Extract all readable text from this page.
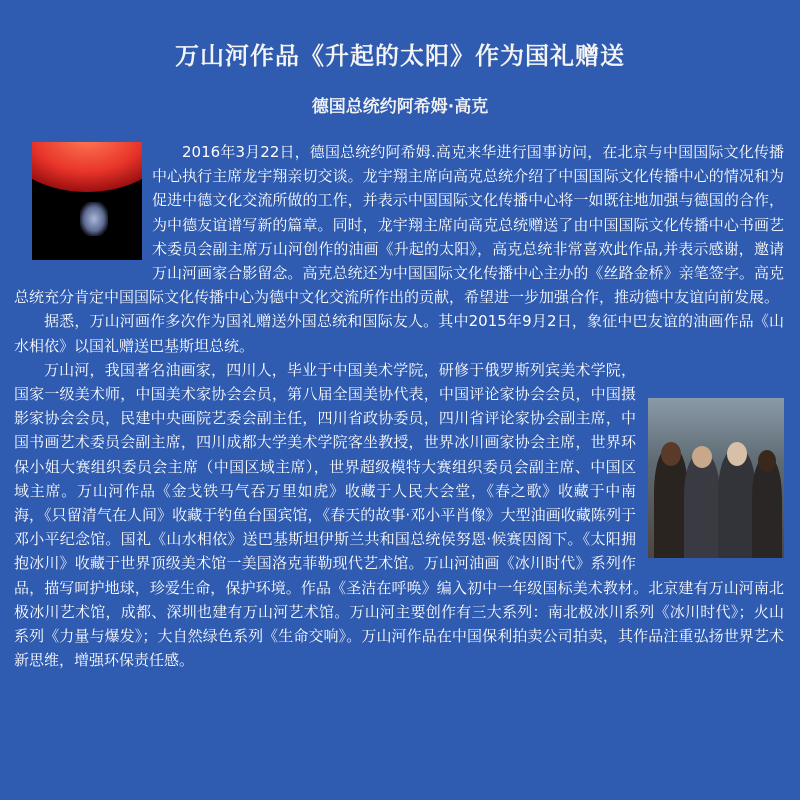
万山河作品《升起的太阳》作为国礼赠送
德国总统约阿希姆·高克

2016年3月22日，德国总统约阿希姆.高克来华进行国事访问，在北京与中国国际文化传播中心执行主席龙宇翔亲切交谈。龙宇翔主席向高克总统介绍了中国国际文化传播中心的情况和为促进中德文化交流所做的工作，并表示中国国际文化传播中心将一如既往地加强与德国的合作，为中德友谊谱写新的篇章。同时，龙宇翔主席向高克总统赠送了由中国国际文化传播中心书画艺术委员会副主席万山河创作的油画《升起的太阳》，高克总统非常喜欢此作品,并表示感谢，邀请万山河画家合影留念。高克总统还为中国国际文化传播中心主办的《丝路金桥》亲笔签字。高克总统充分肯定中国国际文化传播中心为德中文化交流所作出的贡献，希望进一步加强合作，推动德中友谊向前发展。

据悉，万山河画作多次作为国礼赠送外国总统和国际友人。其中2015年9月2日，象征中巴友谊的油画作品《山水相依》以国礼赠送巴基斯坦总统。

万山河，我国著名油画家，四川人，毕业于中国美术学院，研修于俄罗斯列宾美术学院，国家一级美术师，中国美术家协会会员，第八届全国美协代表，中国评论家协会会员，中国摄影家协会会员，民建中央画院艺委会副主任，四川省政协委员，四川省评论家协会副主席，中国书画艺术委员会副主席，四川成都大学美术学院客坐教授，世界冰川画家协会主席，世界环保小姐大赛组织委员会主席（中国区域主席），世界超级模特大赛组织委员会副主席、中国区域主席。万山河作品《金戈铁马气吞万里如虎》收藏于人民大会堂，《春之歌》收藏于中南海，《只留清气在人间》收藏于钓鱼台国宾馆，《春天的故事·邓小平肖像》大型油画收藏陈列于邓小平纪念馆。国礼《山水相依》送巴基斯坦伊斯兰共和国总统侯努恩·候赛因阁下。《太阳拥抱冰川》收藏于世界顶级美术馆一美国洛克菲勒现代艺术馆。万山河油画《冰川时代》系列作品，描写呵护地球，珍爱生命，保护环境。作品《圣洁在呼唤》编入初中一年级国标美术教材。北京建有万山河南北极冰川艺术馆，成都、深圳也建有万山河艺术馆。万山河主要创作有三大系列：南北极冰川系列《冰川时代》；火山系列《力量与爆发》；大自然绿色系列《生命交响》。万山河作品在中国保利拍卖公司拍卖，其作品注重弘扬世界艺术新思维，增强环保责任感。
